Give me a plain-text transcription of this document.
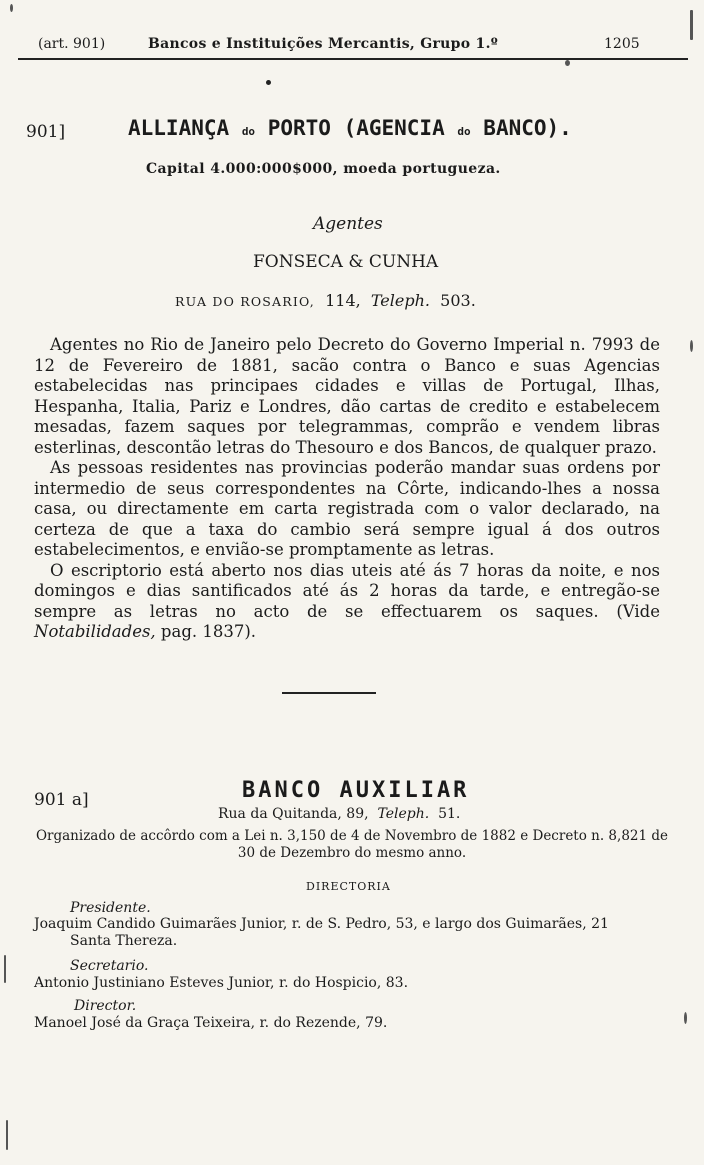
(art. 901)	Bancos e Instituições Mercantis, Grupo 1.º	1205
901]	ALLIANÇA do PORTO (AGENCIA do BANCO).
Capital 4.000:000$000, moeda portugueza.
Agentes
FONSECA & CUNHA
RUA DO ROSARIO, 114, Teleph. 503.

Agentes no Rio de Janeiro pelo Decreto do Governo Imperial n. 7993 de 12 de Fevereiro de 1881, sacão contra o Banco e suas Agencias estabelecidas nas principaes cidades e villas de Portugal, Ilhas, Hespanha, Italia, Pariz e Londres, dão cartas de credito e estabelecem mesadas, fazem saques por telegrammas, comprão e vendem libras esterlinas, descontão letras do Thesouro e dos Bancos, de qualquer prazo.

As pessoas residentes nas provincias poderão mandar suas ordens por intermedio de seus correspondentes na Côrte, indicando-lhes a nossa casa, ou directamente em carta registrada com o valor declarado, na certeza de que a taxa do cambio será sempre igual á dos outros estabelecimentos, e envião-se promptamente as letras.

O escriptorio está aberto nos dias uteis até ás 7 horas da noite, e nos domingos e dias santificados até ás 2 horas da tarde, e entregão-se sempre as letras no acto de se effectuarem os saques. (Vide Notabilidades, pag. 1837).

901 a]	BANCO AUXILIAR
Rua da Quitanda, 89, Teleph. 51.
Organizado de accôrdo com a Lei n. 3,150 de 4 de Novembro de 1882 e Decreto n. 8,821 de 30 de Dezembro do mesmo anno.
DIRECTORIA
Presidente.
Joaquim Candido Guimarães Junior, r. de S. Pedro, 53, e largo dos Guimarães, 21
Santa Thereza.
Secretario.
Antonio Justiniano Esteves Junior, r. do Hospicio, 83.
Director.
Manoel José da Graça Teixeira, r. do Rezende, 79.
